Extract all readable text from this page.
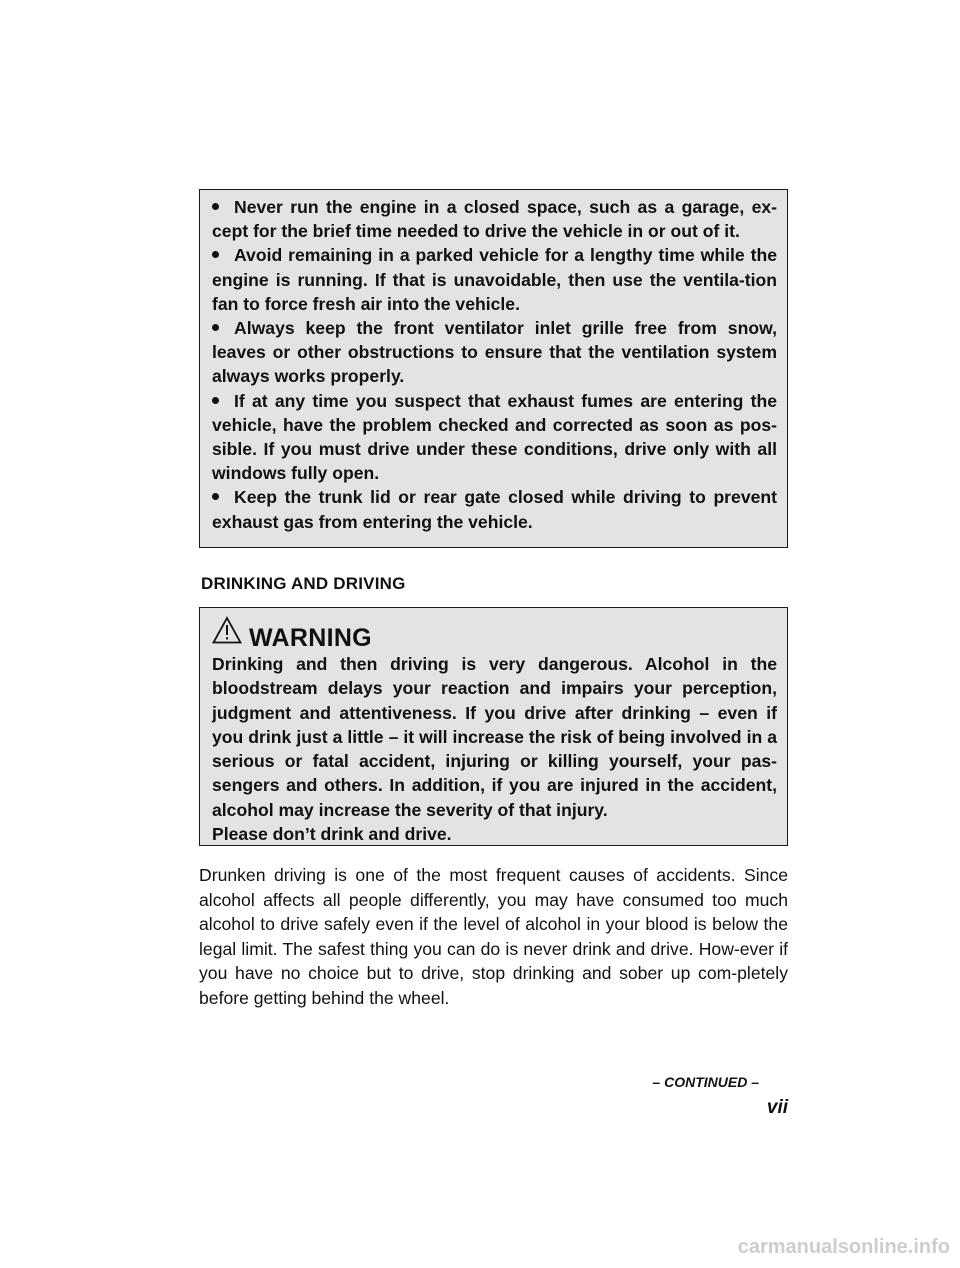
Never run the engine in a closed space, such as a garage, ex-cept for the brief time needed to drive the vehicle in or out of it.

Avoid remaining in a parked vehicle for a lengthy time while the engine is running. If that is unavoidable, then use the ventila-tion fan to force fresh air into the vehicle.

Always keep the front ventilator inlet grille free from snow, leaves or other obstructions to ensure that the ventilation system always works properly.

If at any time you suspect that exhaust fumes are entering the vehicle, have the problem checked and corrected as soon as pos-sible. If you must drive under these conditions, drive only with all windows fully open.

Keep the trunk lid or rear gate closed while driving to prevent exhaust gas from entering the vehicle.

DRINKING AND DRIVING
WARNING

Drinking and then driving is very dangerous. Alcohol in the bloodstream delays your reaction and impairs your perception, judgment and attentiveness. If you drive after drinking – even if you drink just a little – it will increase the risk of being involved in a serious or fatal accident, injuring or killing yourself, your pas-sengers and others. In addition, if you are injured in the accident, alcohol may increase the severity of that injury.

Please don’t drink and drive.

Drunken driving is one of the most frequent causes of accidents. Since alcohol affects all people differently, you may have consumed too much alcohol to drive safely even if the level of alcohol in your blood is below the legal limit. The safest thing you can do is never drink and drive. How-ever if you have no choice but to drive, stop drinking and sober up com-pletely before getting behind the wheel.

– CONTINUED –
vii
carmanualsonline.info
